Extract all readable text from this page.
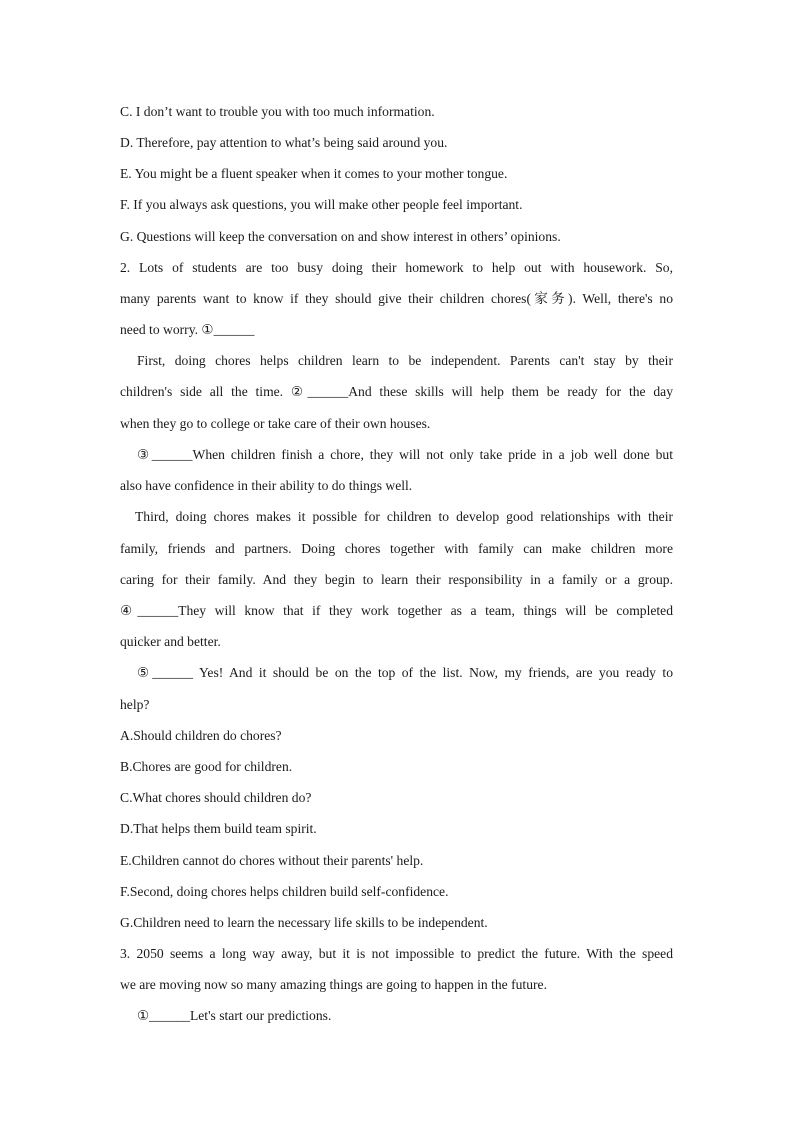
C. I don’t want to trouble you with too much information.
D. Therefore, pay attention to what’s being said around you.
E. You might be a fluent speaker when it comes to your mother tongue.
F. If you always ask questions, you will make other people feel important.
G. Questions will keep the conversation on and show interest in others’ opinions.
2. Lots of students are too busy doing their homework to help out with housework. So,
many parents want to know if they should give their children chores(家务). Well, there's no
need to worry. ①______
First, doing chores helps children learn to be independent. Parents can't stay by their
children's side all the time. ②______And these skills will help them be ready for the day
when they go to college or take care of their own houses.
③______When children finish a chore, they will not only take pride in a job well done but
also have confidence in their ability to do things well.
Third, doing chores makes it possible for children to develop good relationships with their
family, friends and partners. Doing chores together with family can make children more
caring for their family. And they begin to learn their responsibility in a family or a group.
④______They will know that if they work together as a team, things will be completed
quicker and better.
⑤______ Yes! And it should be on the top of the list. Now, my friends, are you ready to
help?
A.Should children do chores?
B.Chores are good for children.
C.What chores should children do?
D.That helps them build team spirit.
E.Children cannot do chores without their parents' help.
F.Second, doing chores helps children build self-confidence.
G.Children need to learn the necessary life skills to be independent.
3. 2050 seems a long way away, but it is not impossible to predict the future. With the speed
we are moving now so many amazing things are going to happen in the future.
①______Let's start our predictions.
